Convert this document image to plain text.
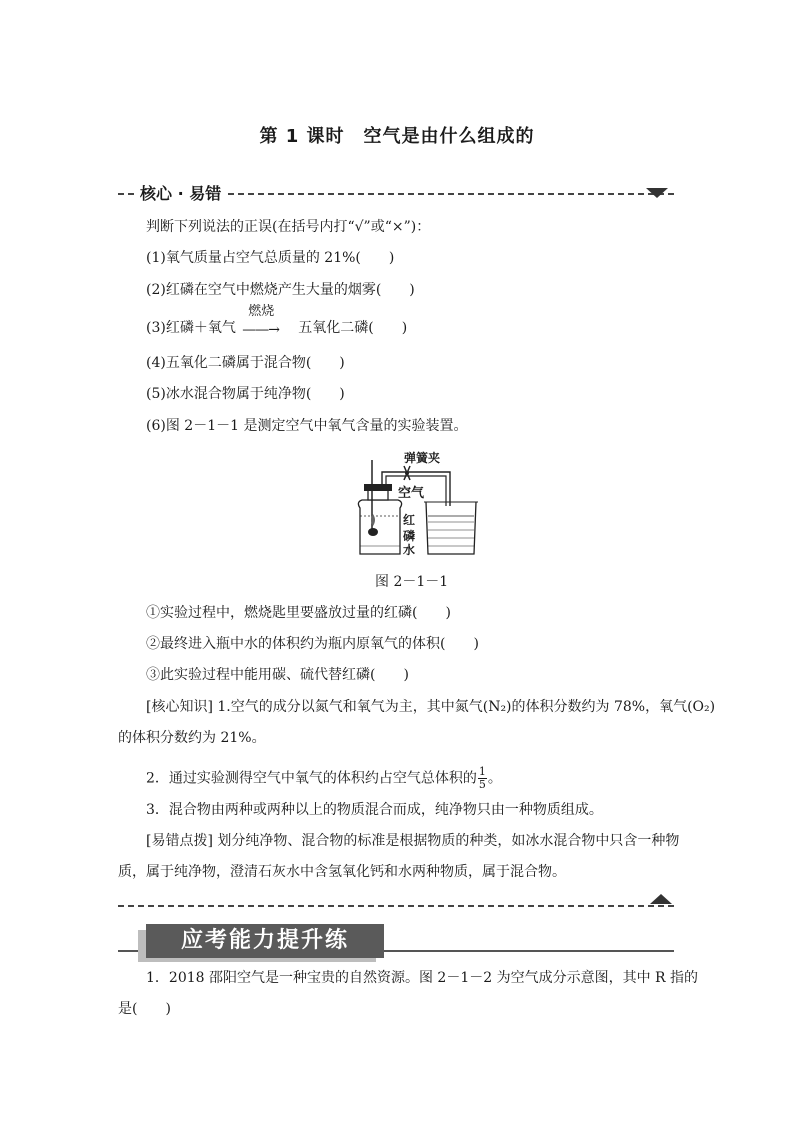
第 1 课时　空气是由什么组成的
核心 · 易错
判断下列说法的正误(在括号内打“√”或“×”)：
(1)氧气质量占空气总质量的 21%(　　)
(2)红磷在空气中燃烧产生大量的烟雾(　　)
(3)红磷＋氧气
燃烧
——→ 五氧化二磷(　　)
(4)五氧化二磷属于混合物(　　)
(5)冰水混合物属于纯净物(　　)
(6)图 2－1－1 是测定空气中氧气含量的实验装置。
弹簧夹
空气
红
磷
水
图 2－1－1
①实验过程中，燃烧匙里要盛放过量的红磷(　　)
②最终进入瓶中水的体积约为瓶内原氧气的体积(　　)
③此实验过程中能用碳、硫代替红磷(　　)
[核心知识] 1.空气的成分以氮气和氧气为主，其中氮气(N₂)的体积分数约为 78%，氧气(O₂)
的体积分数约为 21%。
2．通过实验测得空气中氧气的体积约占空气总体积的 $\frac{1}{5}$ 。
3．混合物由两种或两种以上的物质混合而成，纯净物只由一种物质组成。
[易错点拨] 划分纯净物、混合物的标准是根据物质的种类，如冰水混合物中只含一种物
质，属于纯净物，澄清石灰水中含氢氧化钙和水两种物质，属于混合物。
应考能力提升练
1．2018 邵阳空气是一种宝贵的自然资源。图 2－1－2 为空气成分示意图，其中 R 指的
是(　　)
